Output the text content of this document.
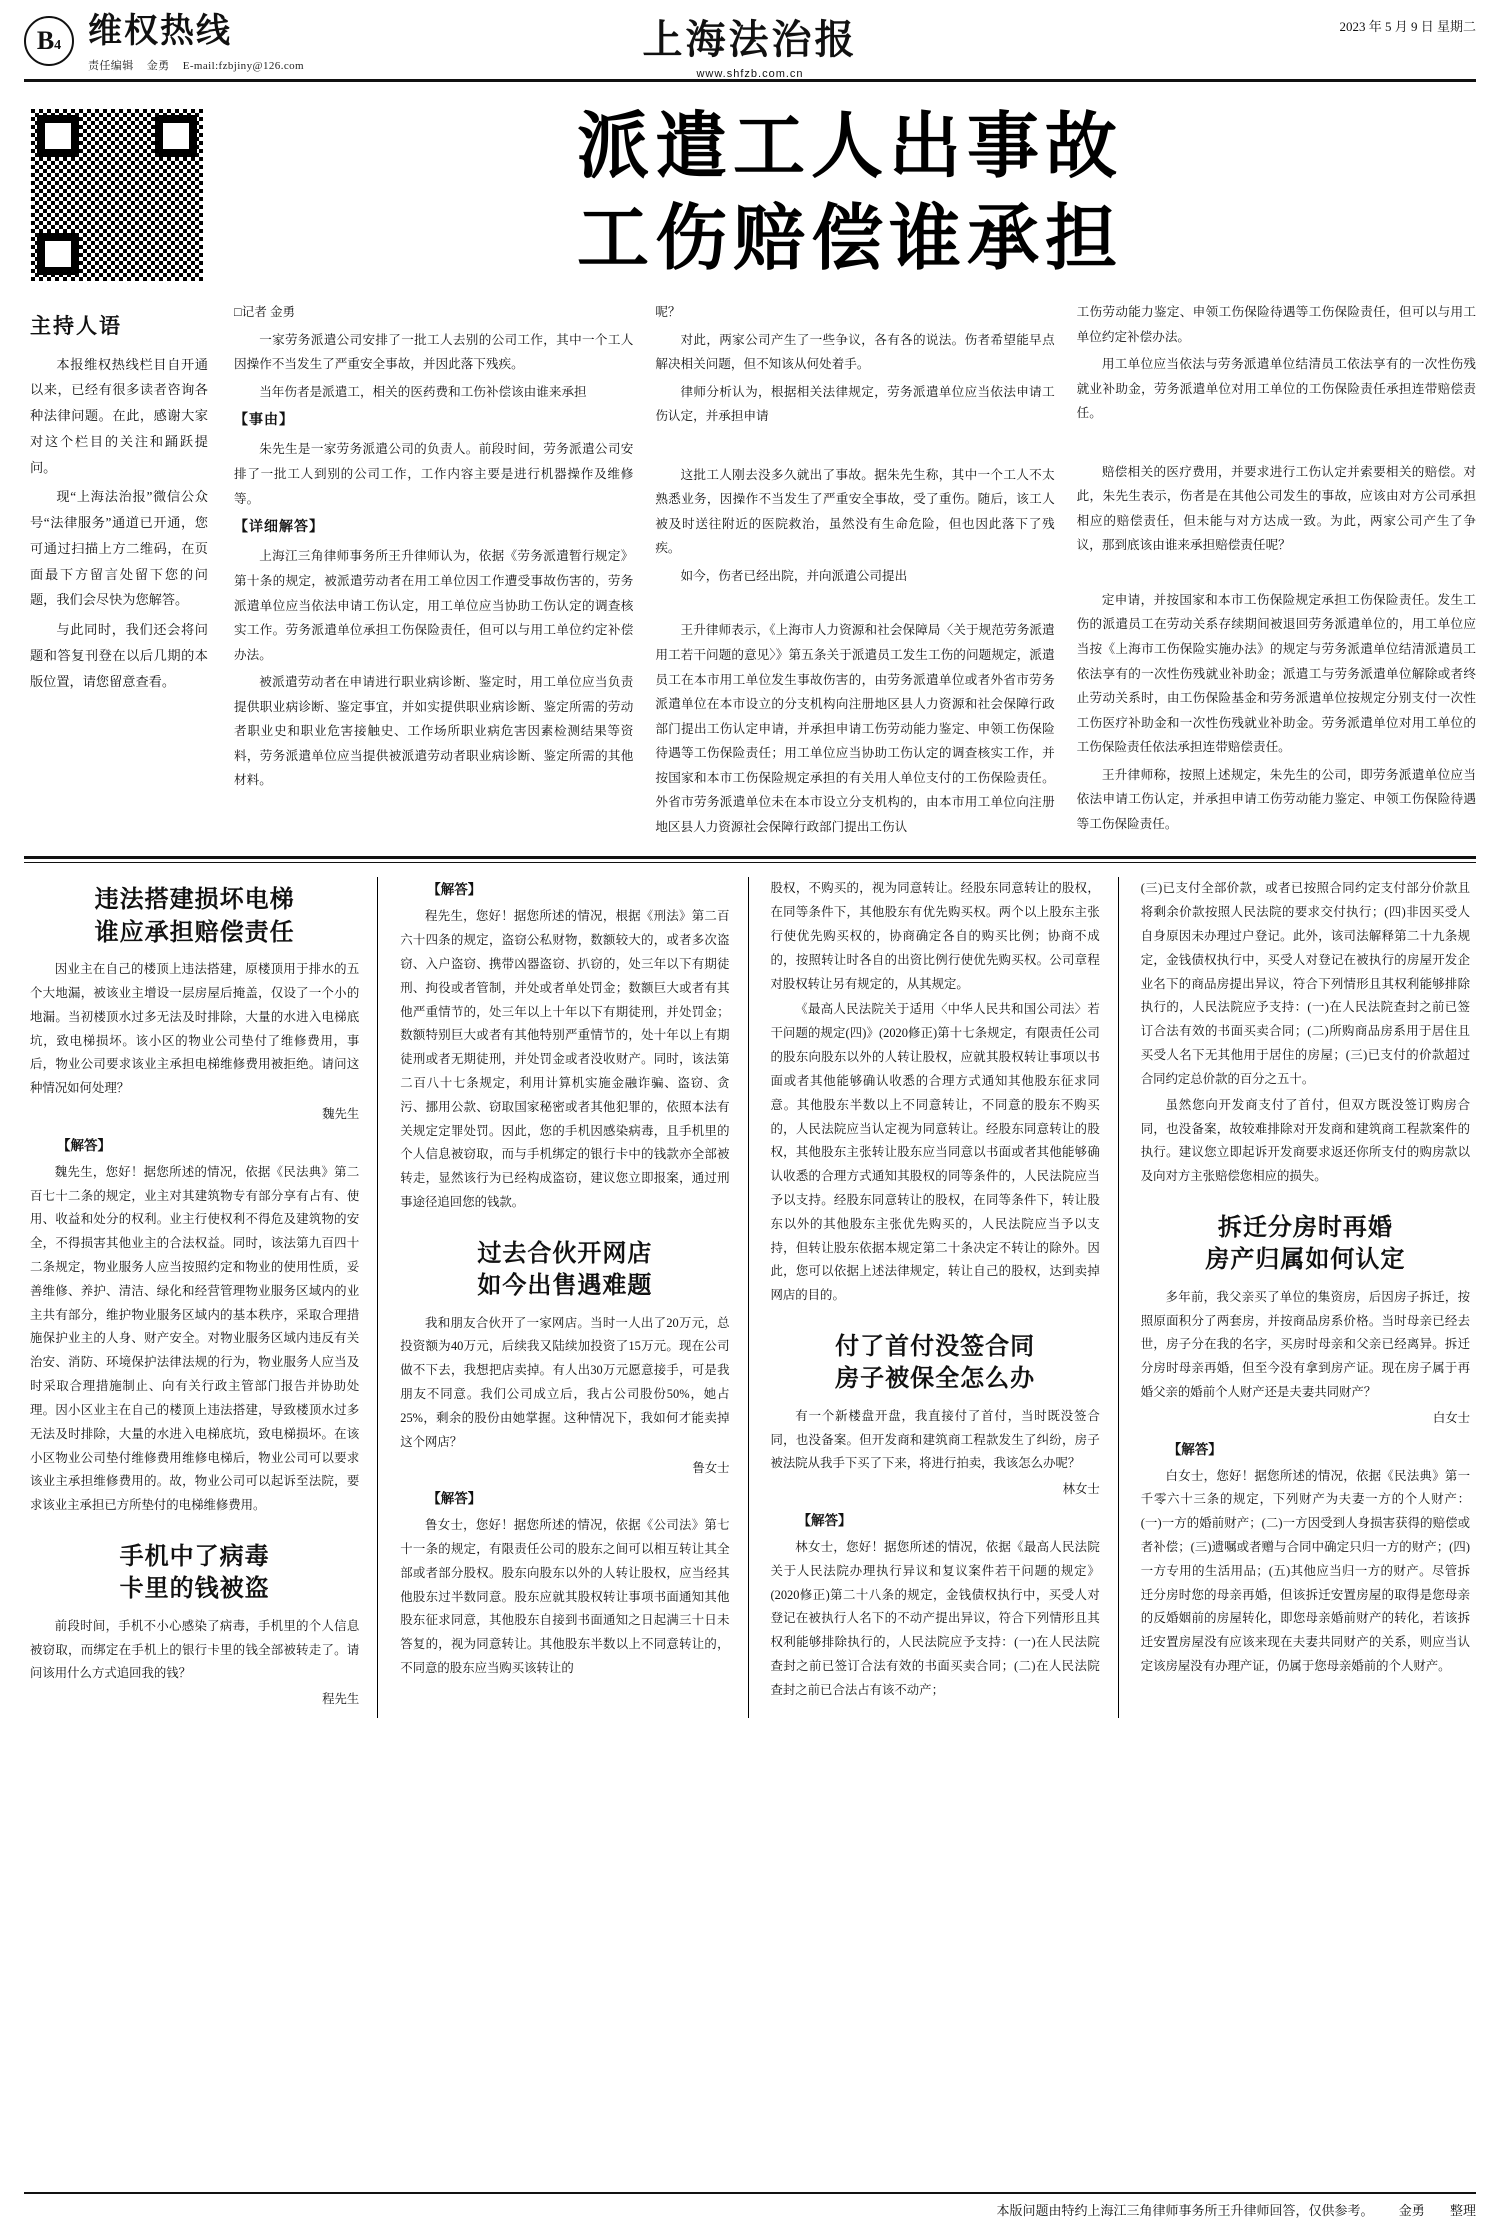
B 4 维权热线
责任编辑 金勇 E-mail:fzbjiny@126.com
上海法治报
www.shfzb.com.cn
2023 年 5 月 9 日 星期二
主持人语

本报维权热线栏目自开通以来，已经有很多读者咨询各种法律问题。在此，感谢大家对这个栏目的关注和踊跃提问。

现“上海法治报”微信公众号“法律服务”通道已开通，您可通过扫描上方二维码，在页面最下方留言处留下您的问题，我们会尽快为您解答。

与此同时，我们还会将问题和答复刊登在以后几期的本版位置，请您留意查看。

派遣工人出事故
工伤赔偿谁承担

□记者 金勇

一家劳务派遣公司安排了一批工人去别的公司工作，其中一个工人因操作不当发生了严重安全事故，并因此落下残疾。

当年伤者是派遣工，相关的医药费和工伤补偿该由谁来承担

【事由】

朱先生是一家劳务派遣公司的负责人。前段时间，劳务派遣公司安排了一批工人到别的公司工作，工作内容主要是进行机器操作及维修等。

【详细解答】

上海江三角律师事务所王升律师认为，依据《劳务派遣暂行规定》第十条的规定，被派遣劳动者在用工单位因工作遭受事故伤害的，劳务派遣单位应当依法申请工伤认定，用工单位应当协助工伤认定的调查核实工作。劳务派遣单位承担工伤保险责任，但可以与用工单位约定补偿办法。

被派遣劳动者在申请进行职业病诊断、鉴定时，用工单位应当负责提供职业病诊断、鉴定事宜，并如实提供职业病诊断、鉴定所需的劳动者职业史和职业危害接触史、工作场所职业病危害因素检测结果等资料，劳务派遣单位应当提供被派遣劳动者职业病诊断、鉴定所需的其他材料。

呢？

对此，两家公司产生了一些争议，各有各的说法。伤者希望能早点解决相关问题，但不知该从何处着手。

律师分析认为，根据相关法律规定，劳务派遣单位应当依法申请工伤认定，并承担申请

这批工人刚去没多久就出了事故。据朱先生称，其中一个工人不太熟悉业务，因操作不当发生了严重安全事故，受了重伤。随后，该工人被及时送往附近的医院救治，虽然没有生命危险，但也因此落下了残疾。

如今，伤者已经出院，并向派遣公司提出

王升律师表示，《上海市人力资源和社会保障局〈关于规范劳务派遣用工若干问题的意见〉》第五条关于派遣员工发生工伤的问题规定，派遣员工在本市用工单位发生事故伤害的，由劳务派遣单位或者外省市劳务派遣单位在本市设立的分支机构向注册地区县人力资源和社会保障行政部门提出工伤认定申请，并承担申请工伤劳动能力鉴定、申领工伤保险待遇等工伤保险责任；用工单位应当协助工伤认定的调查核实工作，并按国家和本市工伤保险规定承担的有关用人单位支付的工伤保险责任。外省市劳务派遣单位未在本市设立分支机构的，由本市用工单位向注册地区县人力资源社会保障行政部门提出工伤认

工伤劳动能力鉴定、申领工伤保险待遇等工伤保险责任，但可以与用工单位约定补偿办法。

用工单位应当依法与劳务派遣单位结清员工依法享有的一次性伤残就业补助金，劳务派遣单位对用工单位的工伤保险责任承担连带赔偿责任。

赔偿相关的医疗费用，并要求进行工伤认定并索要相关的赔偿。对此，朱先生表示，伤者是在其他公司发生的事故，应该由对方公司承担相应的赔偿责任，但未能与对方达成一致。为此，两家公司产生了争议，那到底该由谁来承担赔偿责任呢？

定申请，并按国家和本市工伤保险规定承担工伤保险责任。发生工伤的派遣员工在劳动关系存续期间被退回劳务派遣单位的，用工单位应当按《上海市工伤保险实施办法》的规定与劳务派遣单位结清派遣员工依法享有的一次性伤残就业补助金；派遣工与劳务派遣单位解除或者终止劳动关系时，由工伤保险基金和劳务派遣单位按规定分别支付一次性工伤医疗补助金和一次性伤残就业补助金。劳务派遣单位对用工单位的工伤保险责任依法承担连带赔偿责任。

王升律师称，按照上述规定，朱先生的公司，即劳务派遣单位应当依法申请工伤认定，并承担申请工伤劳动能力鉴定、申领工伤保险待遇等工伤保险责任。

违法搭建损坏电梯
谁应承担赔偿责任

因业主在自己的楼顶上违法搭建，原楼顶用于排水的五个大地漏，被该业主增设一层房屋后掩盖，仅设了一个小的地漏。当初楼顶水过多无法及时排除，大量的水进入电梯底坑，致电梯损坏。该小区的物业公司垫付了维修费用，事后，物业公司要求该业主承担电梯维修费用被拒绝。请问这种情况如何处理？

魏先生

【解答】

魏先生，您好！据您所述的情况，依据《民法典》第二百七十二条的规定，业主对其建筑物专有部分享有占有、使用、收益和处分的权利。业主行使权利不得危及建筑物的安全，不得损害其他业主的合法权益。同时，该法第九百四十二条规定，物业服务人应当按照约定和物业的使用性质，妥善维修、养护、清洁、绿化和经营管理物业服务区域内的业主共有部分，维护物业服务区域内的基本秩序，采取合理措施保护业主的人身、财产安全。对物业服务区域内违反有关治安、消防、环境保护法律法规的行为，物业服务人应当及时采取合理措施制止、向有关行政主管部门报告并协助处理。因小区业主在自己的楼顶上违法搭建，导致楼顶水过多无法及时排除，大量的水进入电梯底坑，致电梯损坏。在该小区物业公司垫付维修费用维修电梯后，物业公司可以要求该业主承担维修费用的。故，物业公司可以起诉至法院，要求该业主承担已方所垫付的电梯维修费用。

手机中了病毒
卡里的钱被盗

前段时间，手机不小心感染了病毒，手机里的个人信息被窃取，而绑定在手机上的银行卡里的钱全部被转走了。请问该用什么方式追回我的钱？

程先生

【解答】

程先生，您好！据您所述的情况，根据《刑法》第二百六十四条的规定，盗窃公私财物，数额较大的，或者多次盗窃、入户盗窃、携带凶器盗窃、扒窃的，处三年以下有期徒刑、拘役或者管制，并处或者单处罚金；数额巨大或者有其他严重情节的，处三年以上十年以下有期徒刑，并处罚金；数额特别巨大或者有其他特别严重情节的，处十年以上有期徒刑或者无期徒刑，并处罚金或者没收财产。同时，该法第二百八十七条规定，利用计算机实施金融诈骗、盗窃、贪污、挪用公款、窃取国家秘密或者其他犯罪的，依照本法有关规定定罪处罚。因此，您的手机因感染病毒，且手机里的个人信息被窃取，而与手机绑定的银行卡中的钱款亦全部被转走，显然该行为已经构成盗窃，建议您立即报案，通过刑事途径追回您的钱款。

过去合伙开网店
如今出售遇难题

我和朋友合伙开了一家网店。当时一人出了20万元，总投资额为40万元，后续我又陆续加投资了15万元。现在公司做不下去，我想把店卖掉。有人出30万元愿意接手，可是我朋友不同意。我们公司成立后，我占公司股份50%，她占25%，剩余的股份由她掌握。这种情况下，我如何才能卖掉这个网店？

鲁女士

【解答】

鲁女士，您好！据您所述的情况，依据《公司法》第七十一条的规定，有限责任公司的股东之间可以相互转让其全部或者部分股权。股东向股东以外的人转让股权，应当经其他股东过半数同意。股东应就其股权转让事项书面通知其他股东征求同意，其他股东自接到书面通知之日起满三十日未答复的，视为同意转让。其他股东半数以上不同意转让的，不同意的股东应当购买该转让的

股权，不购买的，视为同意转让。经股东同意转让的股权，在同等条件下，其他股东有优先购买权。两个以上股东主张行使优先购买权的，协商确定各自的购买比例；协商不成的，按照转让时各自的出资比例行使优先购买权。公司章程对股权转让另有规定的，从其规定。

《最高人民法院关于适用〈中华人民共和国公司法〉若干问题的规定(四)》(2020修正)第十七条规定，有限责任公司的股东向股东以外的人转让股权，应就其股权转让事项以书面或者其他能够确认收悉的合理方式通知其他股东征求同意。其他股东半数以上不同意转让，不同意的股东不购买的，人民法院应当认定视为同意转让。经股东同意转让的股权，其他股东主张转让股东应当同意以书面或者其他能够确认收悉的合理方式通知其股权的同等条件的，人民法院应当予以支持。经股东同意转让的股权，在同等条件下，转让股东以外的其他股东主张优先购买的，人民法院应当予以支持，但转让股东依据本规定第二十条决定不转让的除外。因此，您可以依据上述法律规定，转让自己的股权，达到卖掉网店的目的。

付了首付没签合同
房子被保全怎么办

有一个新楼盘开盘，我直接付了首付，当时既没签合同，也没备案。但开发商和建筑商工程款发生了纠纷，房子被法院从我手下买了下来，将进行拍卖，我该怎么办呢？

林女士

【解答】

林女士，您好！据您所述的情况，依据《最高人民法院关于人民法院办理执行异议和复议案件若干问题的规定》(2020修正)第二十八条的规定，金钱债权执行中，买受人对登记在被执行人名下的不动产提出异议，符合下列情形且其权利能够排除执行的，人民法院应予支持：(一)在人民法院查封之前已签订合法有效的书面买卖合同；(二)在人民法院查封之前已合法占有该不动产；

(三)已支付全部价款，或者已按照合同约定支付部分价款且将剩余价款按照人民法院的要求交付执行；(四)非因买受人自身原因未办理过户登记。此外，该司法解释第二十九条规定，金钱债权执行中，买受人对登记在被执行的房屋开发企业名下的商品房提出异议，符合下列情形且其权利能够排除执行的，人民法院应予支持：(一)在人民法院查封之前已签订合法有效的书面买卖合同；(二)所购商品房系用于居住且买受人名下无其他用于居住的房屋；(三)已支付的价款超过合同约定总价款的百分之五十。

虽然您向开发商支付了首付，但双方既没签订购房合同，也没备案，故较难排除对开发商和建筑商工程款案件的执行。建议您立即起诉开发商要求返还你所支付的购房款以及向对方主张赔偿您相应的损失。

拆迁分房时再婚
房产归属如何认定

多年前，我父亲买了单位的集资房，后因房子拆迁，按照原面积分了两套房，并按商品房系价格。当时母亲已经去世，房子分在我的名字，买房时母亲和父亲已经离异。拆迁分房时母亲再婚，但至今没有拿到房产证。现在房子属于再婚父亲的婚前个人财产还是夫妻共同财产？

白女士

【解答】

白女士，您好！据您所述的情况，依据《民法典》第一千零六十三条的规定，下列财产为夫妻一方的个人财产：(一)一方的婚前财产；(二)一方因受到人身损害获得的赔偿或者补偿；(三)遗嘱或者赠与合同中确定只归一方的财产；(四)一方专用的生活用品；(五)其他应当归一方的财产。尽管拆迁分房时您的母亲再婚，但该拆迁安置房屋的取得是您母亲的反婚姻前的房屋转化，即您母亲婚前财产的转化，若该拆迁安置房屋没有应该来现在夫妻共同财产的关系，则应当认定该房屋没有办理产证，仍属于您母亲婚前的个人财产。

本版问题由特约上海江三角律师事务所王升律师回答，仅供参考。 金勇 整理
